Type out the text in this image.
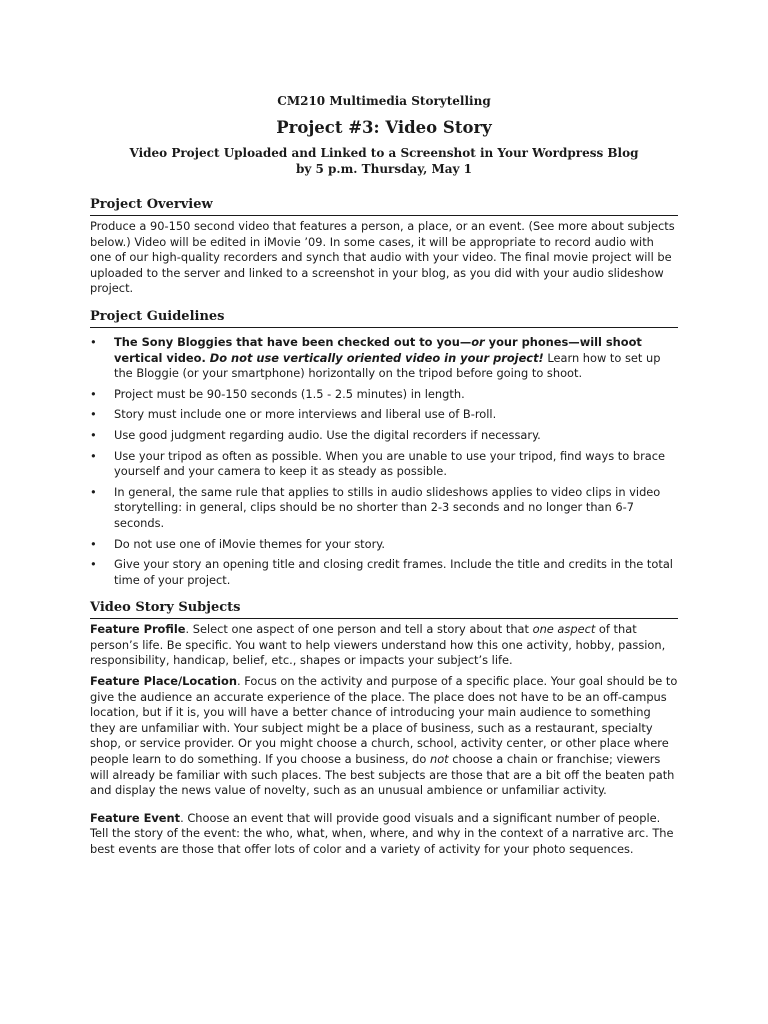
CM210 Multimedia Storytelling

Project #3: Video Story

Video Project Uploaded and Linked to a Screenshot in Your Wordpress Blog

by 5 p.m. Thursday, May 1

Project Overview

Produce a 90-150 second video that features a person, a place, or an event. (See more about subjects below.) Video will be edited in iMovie ’09. In some cases, it will be appropriate to record audio with one of our high-quality recorders and synch that audio with your video. The final movie project will be uploaded to the server and linked to a screenshot in your blog, as you did with your audio slideshow project.

Project Guidelines
• The Sony Bloggies that have been checked out to you—or your phones—will shoot vertical video. Do not use vertically oriented video in your project! Learn how to set up the Bloggie (or your smartphone) horizontally on the tripod before going to shoot.
• Project must be 90-150 seconds (1.5 - 2.5 minutes) in length.
• Story must include one or more interviews and liberal use of B-roll.
• Use good judgment regarding audio. Use the digital recorders if necessary.
• Use your tripod as often as possible. When you are unable to use your tripod, find ways to brace yourself and your camera to keep it as steady as possible.
• In general, the same rule that applies to stills in audio slideshows applies to video clips in video storytelling: in general, clips should be no shorter than 2-3 seconds and no longer than 6-7 seconds.
• Do not use one of iMovie themes for your story.
• Give your story an opening title and closing credit frames. Include the title and credits in the total time of your project.
Video Story Subjects

Feature Profile. Select one aspect of one person and tell a story about that one aspect of that person’s life. Be specific. You want to help viewers understand how this one activity, hobby, passion, responsibility, handicap, belief, etc., shapes or impacts your subject’s life.

Feature Place/Location. Focus on the activity and purpose of a specific place. Your goal should be to give the audience an accurate experience of the place. The place does not have to be an off-campus location, but if it is, you will have a better chance of introducing your main audience to something they are unfamiliar with. Your subject might be a place of business, such as a restaurant, specialty shop, or service provider. Or you might choose a church, school, activity center, or other place where people learn to do something. If you choose a business, do not choose a chain or franchise; viewers will already be familiar with such places. The best subjects are those that are a bit off the beaten path and display the news value of novelty, such as an unusual ambience or unfamiliar activity.

Feature Event. Choose an event that will provide good visuals and a significant number of people. Tell the story of the event: the who, what, when, where, and why in the context of a narrative arc. The best events are those that offer lots of color and a variety of activity for your photo sequences.
